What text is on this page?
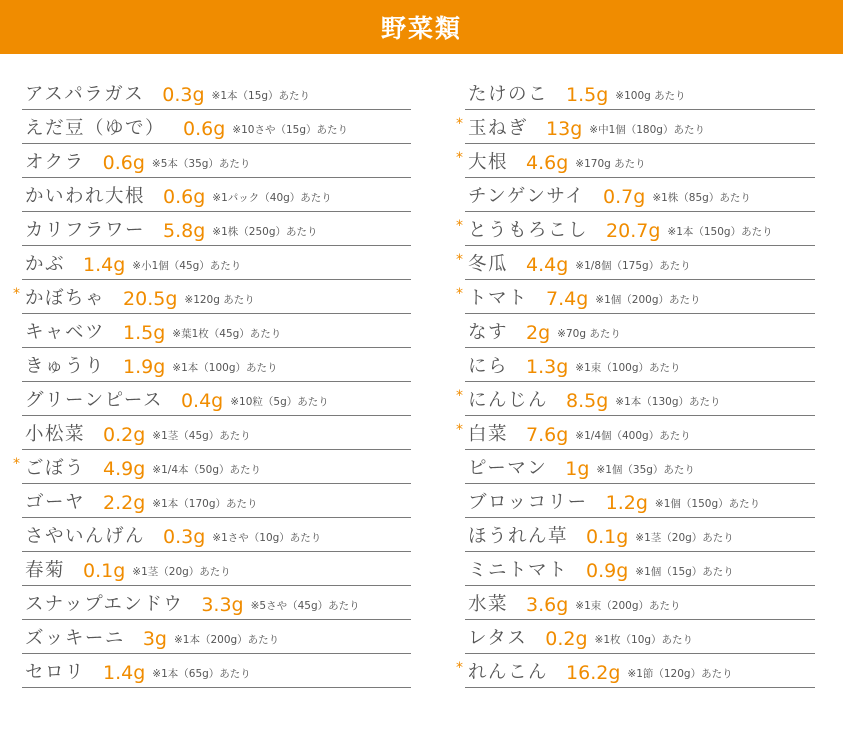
野菜類
アスパラガス 0.3g ※1本（15g）あたり
えだ豆（ゆで） 0.6g ※10さや（15g）あたり
オクラ 0.6g ※5本（35g）あたり
かいわれ大根 0.6g ※1パック（40g）あたり
カリフラワー 5.8g ※1株（250g）あたり
かぶ 1.4g ※小1個（45g）あたり
* かぼちゃ 20.5g ※120g あたり
キャベツ 1.5g ※葉1枚（45g）あたり
きゅうり 1.9g ※1本（100g）あたり
グリーンピース 0.4g ※10粒（5g）あたり
小松菜 0.2g ※1茎（45g）あたり
* ごぼう 4.9g ※1/4本（50g）あたり
ゴーヤ 2.2g ※1本（170g）あたり
さやいんげん 0.3g ※1さや（10g）あたり
春菊 0.1g ※1茎（20g）あたり
スナップエンドウ 3.3g ※5さや（45g）あたり
ズッキーニ 3g ※1本（200g）あたり
セロリ 1.4g ※1本（65g）あたり
たけのこ 1.5g ※100g あたり
* 玉ねぎ 13g ※中1個（180g）あたり
* 大根 4.6g ※170g あたり
チンゲンサイ 0.7g ※1株（85g）あたり
* とうもろこし 20.7g ※1本（150g）あたり
* 冬瓜 4.4g ※1/8個（175g）あたり
* トマト 7.4g ※1個（200g）あたり
なす 2g ※70g あたり
にら 1.3g ※1束（100g）あたり
* にんじん 8.5g ※1本（130g）あたり
* 白菜 7.6g ※1/4個（400g）あたり
ピーマン 1g ※1個（35g）あたり
ブロッコリー 1.2g ※1個（150g）あたり
ほうれん草 0.1g ※1茎（20g）あたり
ミニトマト 0.9g ※1個（15g）あたり
水菜 3.6g ※1束（200g）あたり
レタス 0.2g ※1枚（10g）あたり
* れんこん 16.2g ※1節（120g）あたり
